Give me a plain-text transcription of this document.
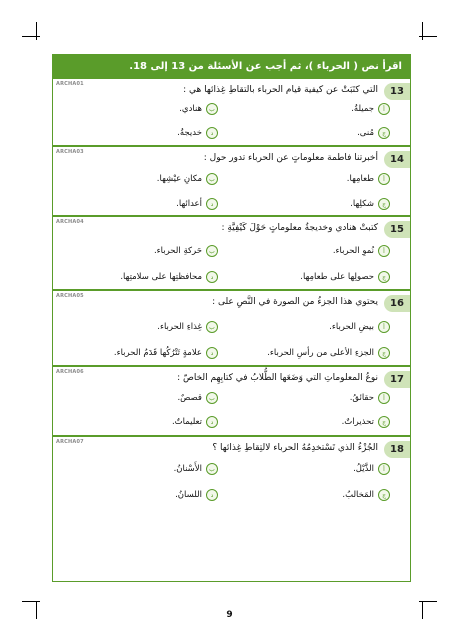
اقرأ نص ( الحرباء )، ثم أجب عن الأسئلة من 13 إلى 18.
ARCHA01
13
التي كتَبَتْ عن كيفية قيام الحرباء بالتقاطِ غِذائها هي :
أ
جميلةُ.
ب
هنادي.
ج
مُنى.
د
خديجةُ.
ARCHA03
14
أخبرتنا فاطمة معلوماتٍ عن الحرباء تدور حول :
أ
طعامِها.
ب
مكانِ عيْشِها.
ج
شكلِها.
د
أعدائها.
ARCHA04
15
كتبتْ هنادي وخديجةُ معلوماتٍ حَوْلَ كَيْفِيَّةِ :
أ
نُموِ الحرباء.
ب
حَركةِ الحرباء.
ج
حصولِها على طعامِها.
د
محافظتِها على سلامتِها.
ARCHA05
16
يحتوي هذا الجزءُ من الصورة في النَّصِ على :
أ
بيضِ الحرباء.
ب
غِذاءِ الحرباء.
ج
الجزءِ الأعلى من رأسِ الحرباء.
د
علامةٍ تَتْرُكُها قَدَمُ الحرباء.
ARCHA06
17
نوعُ المعلوماتِ التي وَضَعَها الطُّلابُ في كتابِهِم الخاصّ :
أ
حقائقُ.
ب
قصصٌ.
ج
تحذيراتٌ.
د
تعليماتٌ.
ARCHA07
18
الجُزْءُ الذي تَسْتخدِمُهُ الحرباء لالتِقاطِ غِذائها ؟
أ
الذَّيْلُ.
ب
الأَسْنانُ.
ج
المَخالبُ.
د
اللسانُ.
9
